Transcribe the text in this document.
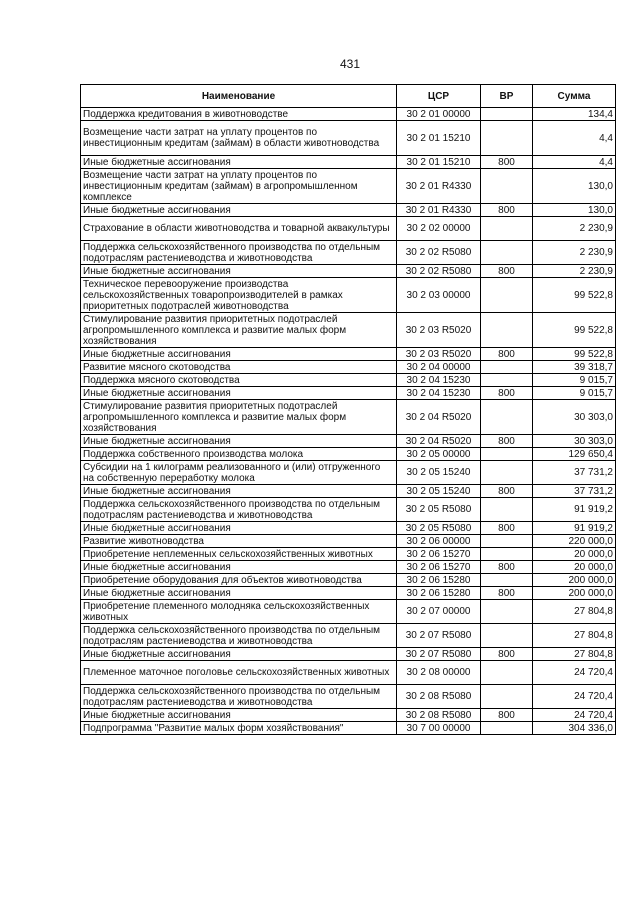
431
Наименование	ЦСР	ВР	Сумма
Поддержка кредитования в животноводстве	30 2 01 00000		134,4
Возмещение части затрат на уплату процентов по инвестиционным кредитам (займам) в области животноводства	30 2 01 15210		4,4
Иные бюджетные ассигнования	30 2 01 15210	800	4,4
Возмещение части затрат на уплату процентов по инвестиционным кредитам (займам) в агропромышленном комплексе	30 2 01 R4330		130,0
Иные бюджетные ассигнования	30 2 01 R4330	800	130,0
Страхование в области животноводства и товарной аквакультуры	30 2 02 00000		2 230,9
Поддержка сельскохозяйственного производства по отдельным подотраслям растениеводства и животноводства	30 2 02 R5080		2 230,9
Иные бюджетные ассигнования	30 2 02 R5080	800	2 230,9
Техническое перевооружение производства сельскохозяйственных товаропроизводителей в рамках приоритетных подотраслей животноводства	30 2 03 00000		99 522,8
Стимулирование развития приоритетных подотраслей агропромышленного комплекса и развитие малых форм хозяйствования	30 2 03 R5020		99 522,8
Иные бюджетные ассигнования	30 2 03 R5020	800	99 522,8
Развитие мясного скотоводства	30 2 04 00000		39 318,7
Поддержка мясного скотоводства	30 2 04 15230		9 015,7
Иные бюджетные ассигнования	30 2 04 15230	800	9 015,7
Стимулирование развития приоритетных подотраслей агропромышленного комплекса и развитие малых форм хозяйствования	30 2 04 R5020		30 303,0
Иные бюджетные ассигнования	30 2 04 R5020	800	30 303,0
Поддержка собственного производства молока	30 2 05 00000		129 650,4
Субсидии на 1 килограмм реализованного и (или) отгруженного на собственную переработку молока	30 2 05 15240		37 731,2
Иные бюджетные ассигнования	30 2 05 15240	800	37 731,2
Поддержка сельскохозяйственного производства по отдельным подотраслям растениеводства и животноводства	30 2 05 R5080		91 919,2
Иные бюджетные ассигнования	30 2 05 R5080	800	91 919,2
Развитие животноводства	30 2 06 00000		220 000,0
Приобретение неплеменных сельскохозяйственных животных	30 2 06 15270		20 000,0
Иные бюджетные ассигнования	30 2 06 15270	800	20 000,0
Приобретение оборудования для объектов животноводства	30 2 06 15280		200 000,0
Иные бюджетные ассигнования	30 2 06 15280	800	200 000,0
Приобретение племенного молодняка сельскохозяйственных животных	30 2 07 00000		27 804,8
Поддержка сельскохозяйственного производства по отдельным подотраслям растениеводства и животноводства	30 2 07 R5080		27 804,8
Иные бюджетные ассигнования	30 2 07 R5080	800	27 804,8
Племенное маточное поголовье сельскохозяйственных животных	30 2 08 00000		24 720,4
Поддержка сельскохозяйственного производства по отдельным подотраслям растениеводства и животноводства	30 2 08 R5080		24 720,4
Иные бюджетные ассигнования	30 2 08 R5080	800	24 720,4
Подпрограмма "Развитие малых форм хозяйствования"	30 7 00 00000		304 336,0
